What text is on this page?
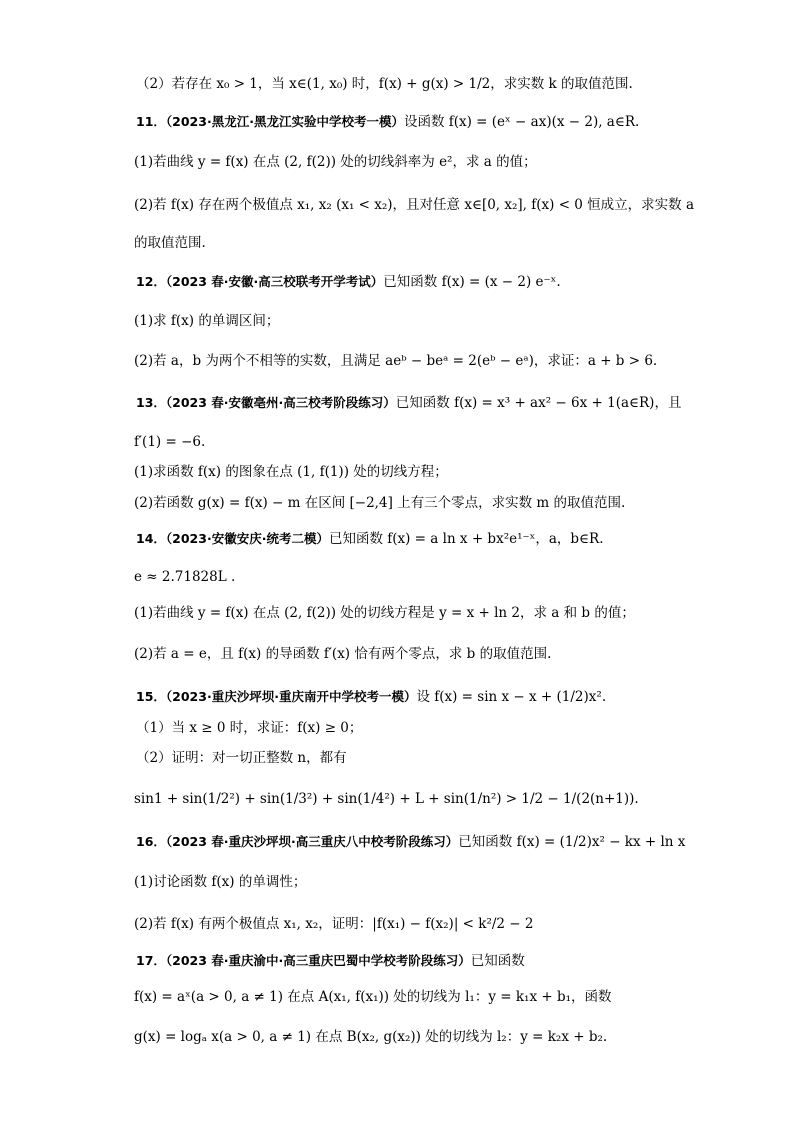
（2）若存在 x₀ > 1，当 x∈(1, x₀) 时，f(x) + g(x) > 1/2，求实数 k 的取值范围.
11．（2023·黑龙江·黑龙江实验中学校考一模）设函数 f(x) = (eˣ − ax)(x − 2), a∈R.
(1)若曲线 y = f(x) 在点 (2, f(2)) 处的切线斜率为 e²，求 a 的值；
(2)若 f(x) 存在两个极值点 x₁, x₂ (x₁ < x₂)，且对任意 x∈[0, x₂], f(x) < 0 恒成立，求实数 a
的取值范围.
12．（2023 春·安徽·高三校联考开学考试）已知函数 f(x) = (x − 2) e⁻ˣ.
(1)求 f(x) 的单调区间；
(2)若 a，b 为两个不相等的实数，且满足 aeᵇ − beᵃ = 2(eᵇ − eᵃ)，求证：a + b > 6.
13．（2023 春·安徽亳州·高三校考阶段练习）已知函数 f(x) = x³ + ax² − 6x + 1(a∈R)，且
f′(1) = −6.
(1)求函数 f(x) 的图象在点 (1, f(1)) 处的切线方程；
(2)若函数 g(x) = f(x) − m 在区间 [−2,4] 上有三个零点，求实数 m 的取值范围.
14．（2023·安徽安庆·统考二模）已知函数 f(x) = a ln x + bx²e¹⁻ˣ，a，b∈R.
e ≈ 2.71828L .
(1)若曲线 y = f(x) 在点 (2, f(2)) 处的切线方程是 y = x + ln 2，求 a 和 b 的值；
(2)若 a = e，且 f(x) 的导函数 f′(x) 恰有两个零点，求 b 的取值范围.
15．（2023·重庆沙坪坝·重庆南开中学校考一模）设 f(x) = sin x − x + (1/2)x².
（1）当 x ≥ 0 时，求证：f(x) ≥ 0；
（2）证明：对一切正整数 n，都有
sin1 + sin(1/2²) + sin(1/3²) + sin(1/4²) + L + sin(1/n²) > 1/2 − 1/(2(n+1)).
16．（2023 春·重庆沙坪坝·高三重庆八中校考阶段练习）已知函数 f(x) = (1/2)x² − kx + ln x
(1)讨论函数 f(x) 的单调性；
(2)若 f(x) 有两个极值点 x₁, x₂，证明：|f(x₁) − f(x₂)| < k²/2 − 2
17．（2023 春·重庆渝中·高三重庆巴蜀中学校考阶段练习）已知函数
f(x) = aˣ(a > 0, a ≠ 1) 在点 A(x₁, f(x₁)) 处的切线为 l₁：y = k₁x + b₁，函数
g(x) = logₐ x(a > 0, a ≠ 1) 在点 B(x₂, g(x₂)) 处的切线为 l₂：y = k₂x + b₂.
